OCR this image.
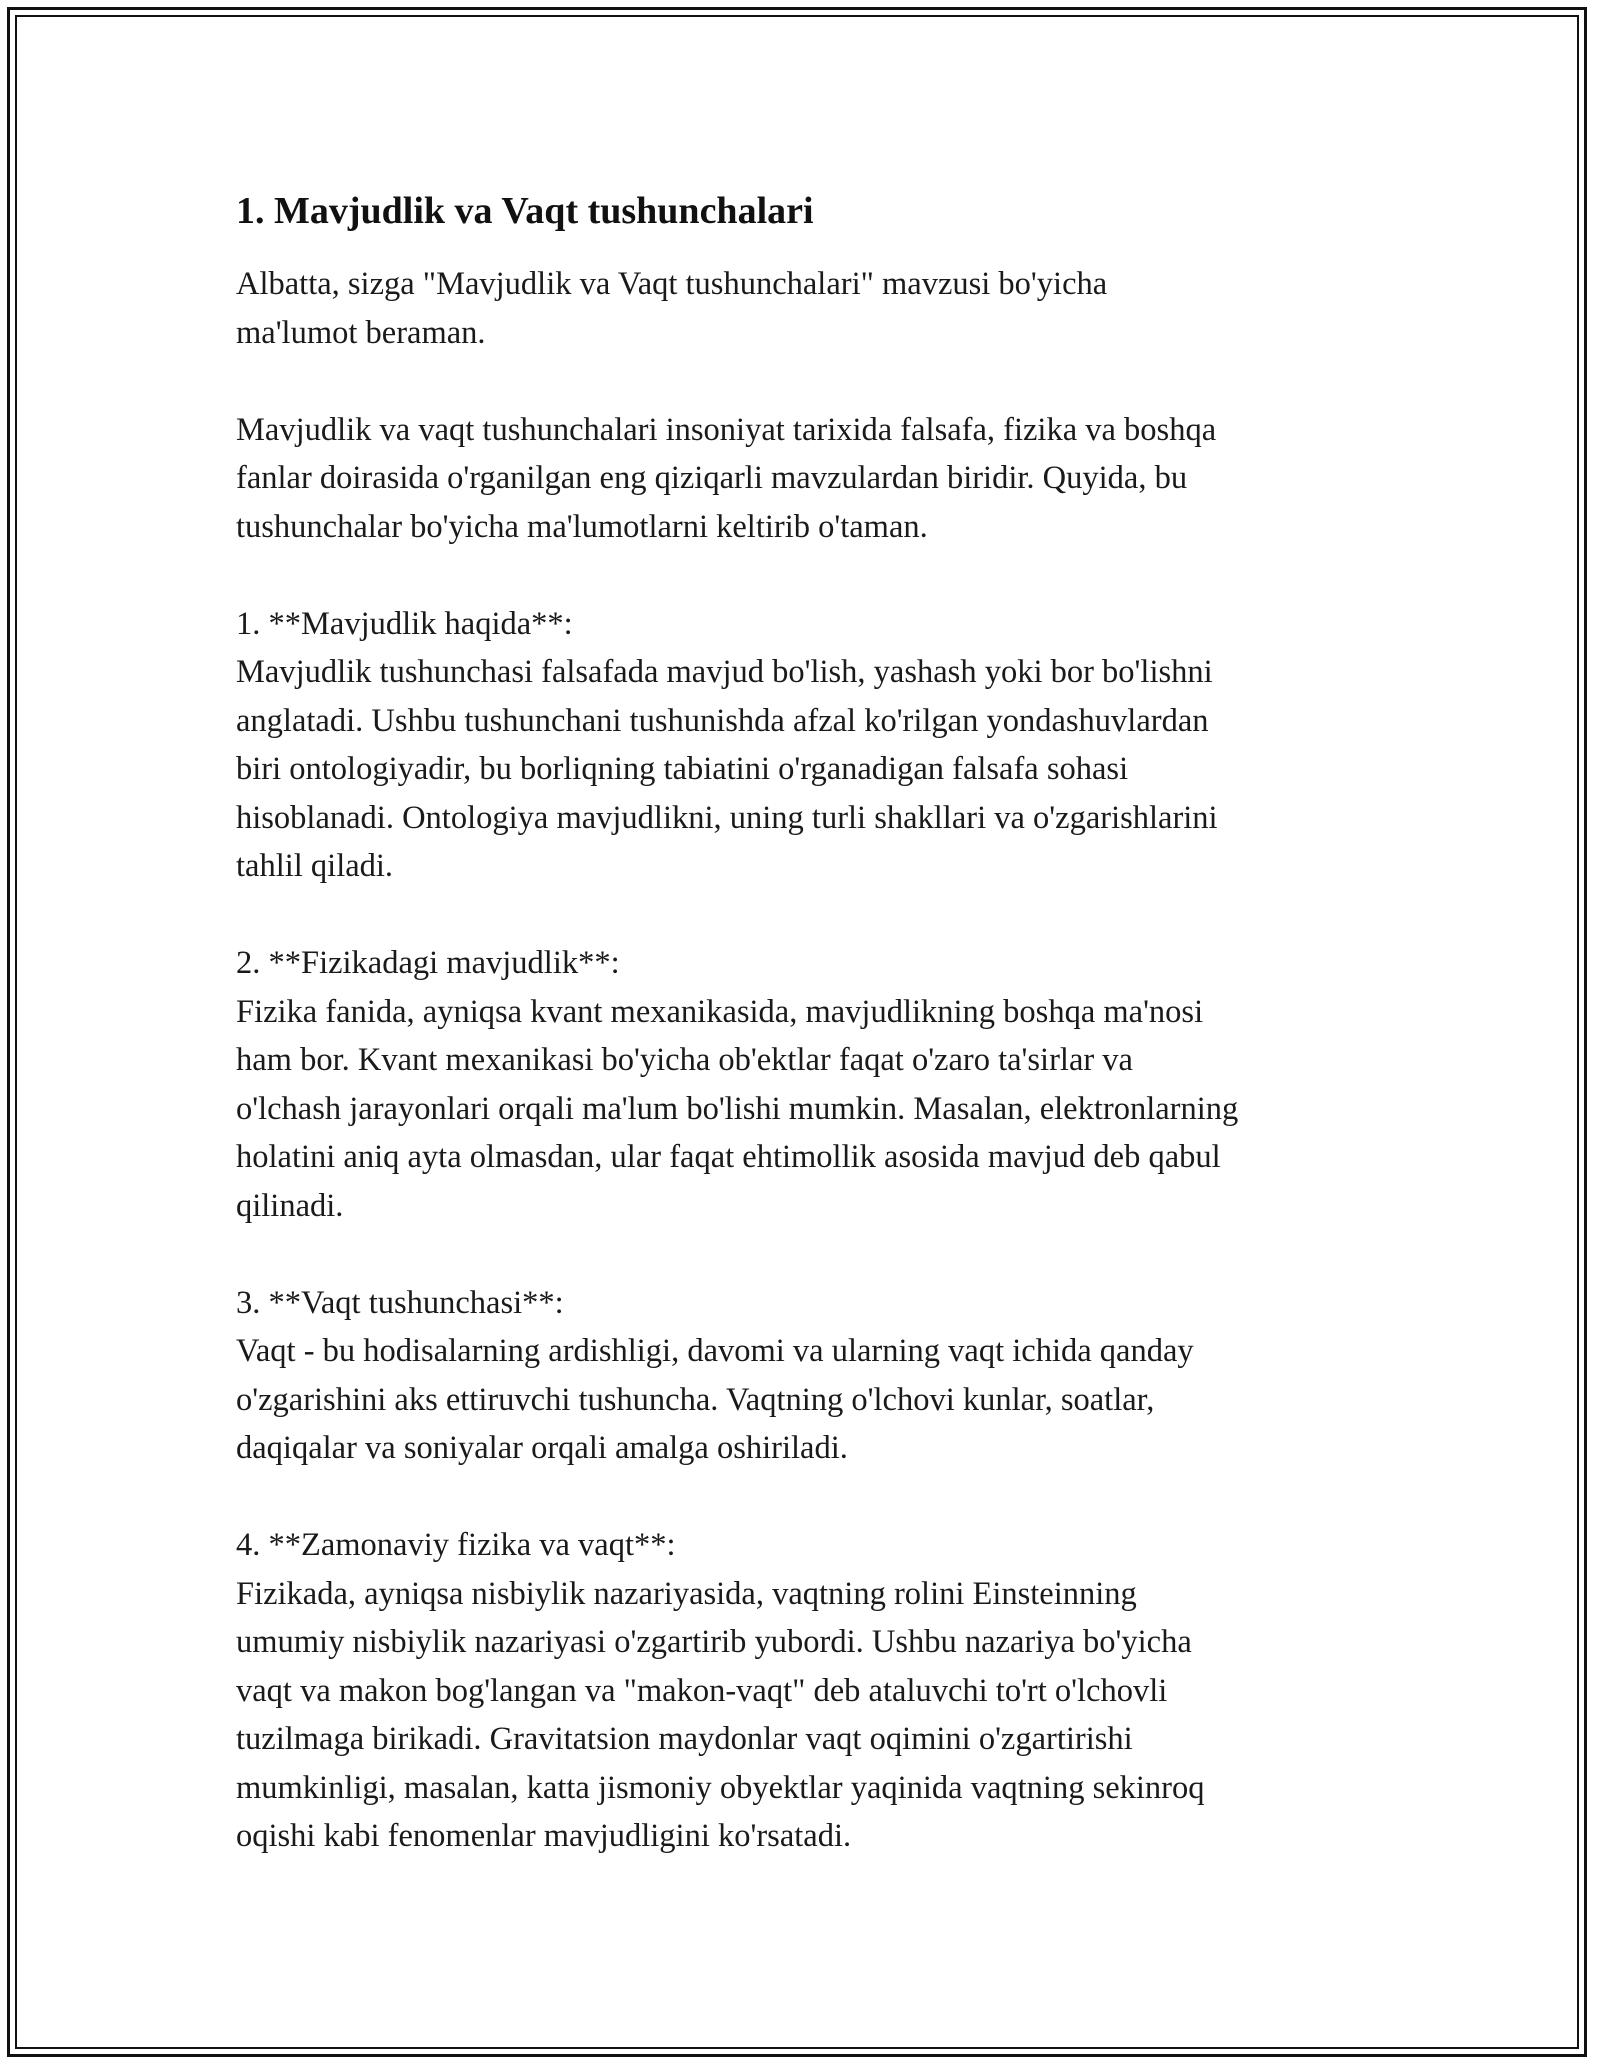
1. Mavjudlik va Vaqt tushunchalari
Albatta, sizga "Mavjudlik va Vaqt tushunchalari" mavzusi bo'yicha
ma'lumot beraman.
Mavjudlik va vaqt tushunchalari insoniyat tarixida falsafa, fizika va boshqa
fanlar doirasida o'rganilgan eng qiziqarli mavzulardan biridir. Quyida, bu
tushunchalar bo'yicha ma'lumotlarni keltirib o'taman.
1. **Mavjudlik haqida**:
Mavjudlik tushunchasi falsafada mavjud bo'lish, yashash yoki bor bo'lishni
anglatadi. Ushbu tushunchani tushunishda afzal ko'rilgan yondashuvlardan
biri ontologiyadir, bu borliqning tabiatini o'rganadigan falsafa sohasi
hisoblanadi. Ontologiya mavjudlikni, uning turli shakllari va o'zgarishlarini
tahlil qiladi.
2. **Fizikadagi mavjudlik**:
Fizika fanida, ayniqsa kvant mexanikasida, mavjudlikning boshqa ma'nosi
ham bor. Kvant mexanikasi bo'yicha ob'ektlar faqat o'zaro ta'sirlar va
o'lchash jarayonlari orqali ma'lum bo'lishi mumkin. Masalan, elektronlarning
holatini aniq ayta olmasdan, ular faqat ehtimollik asosida mavjud deb qabul
qilinadi.
3. **Vaqt tushunchasi**:
Vaqt - bu hodisalarning ardishligi, davomi va ularning vaqt ichida qanday
o'zgarishini aks ettiruvchi tushuncha. Vaqtning o'lchovi kunlar, soatlar,
daqiqalar va soniyalar orqali amalga oshiriladi.
4. **Zamonaviy fizika va vaqt**:
Fizikada, ayniqsa nisbiylik nazariyasida, vaqtning rolini Einsteinning
umumiy nisbiylik nazariyasi o'zgartirib yubordi. Ushbu nazariya bo'yicha
vaqt va makon bog'langan va "makon-vaqt" deb ataluvchi to'rt o'lchovli
tuzilmaga birikadi. Gravitatsion maydonlar vaqt oqimini o'zgartirishi
mumkinligi, masalan, katta jismoniy obyektlar yaqinida vaqtning sekinroq
oqishi kabi fenomenlar mavjudligini ko'rsatadi.
